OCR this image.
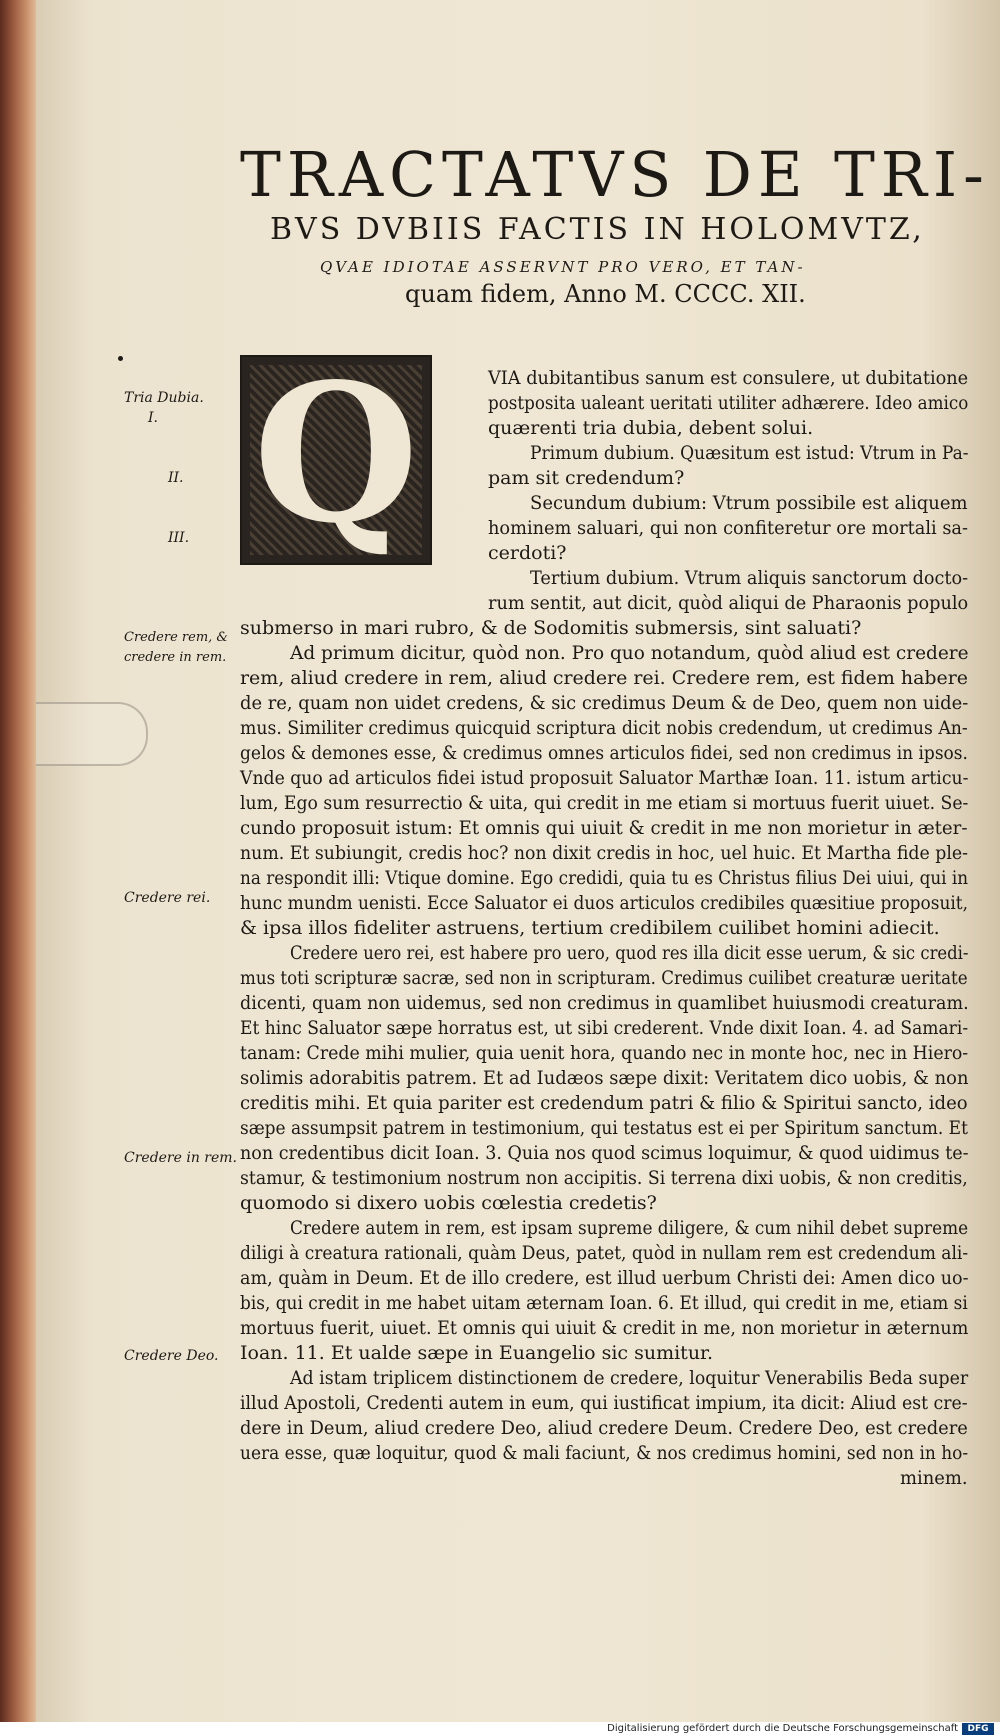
TRACTATVS DE TRI-
BVS DVBIIS FACTIS IN HOLOMVTZ,
QVAE IDIOTAE ASSERVNT PRO VERO, ET TAN-
quam fidem, Anno M. CCCC. XII.
Q
Tria Dubia.
I.
II.
III.
Credere rem, & credere in rem.
Credere rei.
Credere in rem.
Credere Deo.
VIA dubitantibus sanum est consulere, ut dubitatione
postposita ualeant ueritati utiliter adhærere. Ideo amico
quærenti tria dubia, debent solui.
Primum dubium. Quæsitum est istud: Vtrum in Pa-
pam sit credendum?
Secundum dubium: Vtrum possibile est aliquem
hominem saluari, qui non confiteretur ore mortali sa-
cerdoti?
Tertium dubium. Vtrum aliquis sanctorum docto-
rum sentit, aut dicit, quòd aliqui de Pharaonis populo
submerso in mari rubro, & de Sodomitis submersis, sint saluati?
Ad primum dicitur, quòd non. Pro quo notandum, quòd aliud est credere
rem, aliud credere in rem, aliud credere rei. Credere rem, est fidem habere
de re, quam non uidet credens, & sic credimus Deum & de Deo, quem non uide-
mus. Similiter credimus quicquid scriptura dicit nobis credendum, ut credimus An-
gelos & demones esse, & credimus omnes articulos fidei, sed non credimus in ipsos.
Vnde quo ad articulos fidei istud proposuit Saluator Marthæ Ioan. 11. istum articu-
lum, Ego sum resurrectio & uita, qui credit in me etiam si mortuus fuerit uiuet. Se-
cundo proposuit istum: Et omnis qui uiuit & credit in me non morietur in æter-
num. Et subiungit, credis hoc? non dixit credis in hoc, uel huic. Et Martha fide ple-
na respondit illi: Vtique domine. Ego credidi, quia tu es Christus filius Dei uiui, qui in
hunc mundm uenisti. Ecce Saluator ei duos articulos credibiles quæsitiue proposuit,
& ipsa illos fideliter astruens, tertium credibilem cuilibet homini adiecit.
Credere uero rei, est habere pro uero, quod res illa dicit esse uerum, & sic credi-
mus toti scripturæ sacræ, sed non in scripturam. Credimus cuilibet creaturæ ueritate
dicenti, quam non uidemus, sed non credimus in quamlibet huiusmodi creaturam.
Et hinc Saluator sæpe horratus est, ut sibi crederent. Vnde dixit Ioan. 4. ad Samari-
tanam: Crede mihi mulier, quia uenit hora, quando nec in monte hoc, nec in Hiero-
solimis adorabitis patrem. Et ad Iudæos sæpe dixit: Veritatem dico uobis, & non
creditis mihi. Et quia pariter est credendum patri & filio & Spiritui sancto, ideo
sæpe assumpsit patrem in testimonium, qui testatus est ei per Spiritum sanctum. Et
non credentibus dicit Ioan. 3. Quia nos quod scimus loquimur, & quod uidimus te-
stamur, & testimonium nostrum non accipitis. Si terrena dixi uobis, & non creditis,
quomodo si dixero uobis cœlestia credetis?
Credere autem in rem, est ipsam supreme diligere, & cum nihil debet supreme
diligi à creatura rationali, quàm Deus, patet, quòd in nullam rem est credendum ali-
am, quàm in Deum. Et de illo credere, est illud uerbum Christi dei: Amen dico uo-
bis, qui credit in me habet uitam æternam Ioan. 6. Et illud, qui credit in me, etiam si
mortuus fuerit, uiuet. Et omnis qui uiuit & credit in me, non morietur in æternum
Ioan. 11. Et ualde sæpe in Euangelio sic sumitur.
Ad istam triplicem distinctionem de credere, loquitur Venerabilis Beda super
illud Apostoli, Credenti autem in eum, qui iustificat impium, ita dicit: Aliud est cre-
dere in Deum, aliud credere Deo, aliud credere Deum. Credere Deo, est credere
uera esse, quæ loquitur, quod & mali faciunt, & nos credimus homini, sed non in ho-
minem.
Digitalisierung gefördert durch die Deutsche Forschungsgemeinschaft	DFG
